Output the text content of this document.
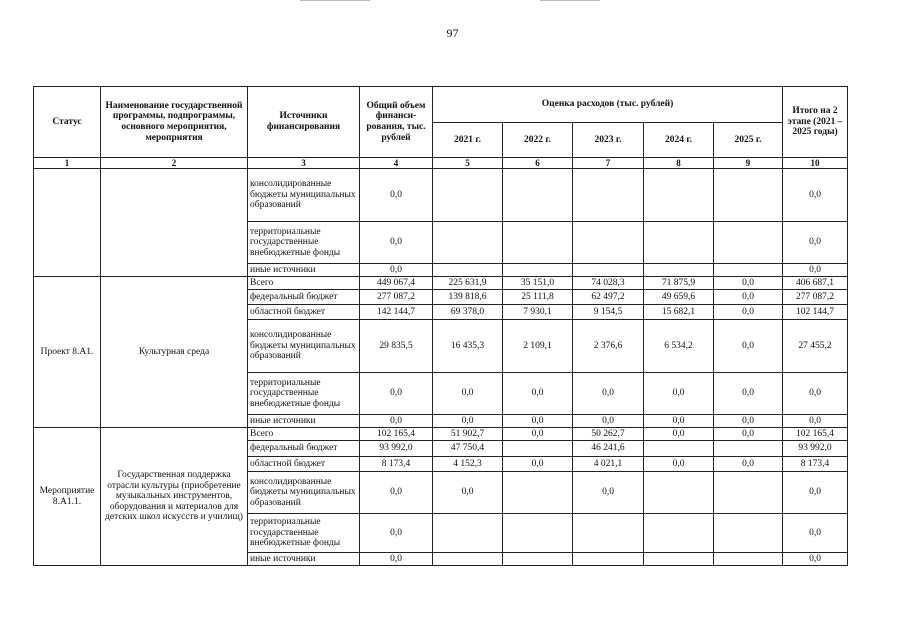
97
Статус	Наименование государственной программы, подпрограммы, основного мероприятия, мероприятия	Источники финансирования	Общий объем финанси-рования, тыс. рублей	Оценка расходов (тыс. рублей)					Итого на 2 этапе (2021 – 2025 годы)
				2021 г.	2022 г.	2023 г.	2024 г.	2025 г.	
1	2	3	4	5	6	7	8	9	10
		консолидированные бюджеты муниципальных образований	0,0						0,0
		территориальные государственные внебюджетные фонды	0,0						0,0
		иные источники	0,0						0,0
Проект 8.А1.	Культурная среда	Всего	449 067,4	225 631,9	35 151,0	74 028,3	71 875,9	0,0	406 687,1
		федеральный бюджет	277 087,2	139 818,6	25 111,8	62 497,2	49 659,6	0,0	277 087,2
		областной бюджет	142 144,7	69 378,0	7 930,1	9 154,5	15 682,1	0,0	102 144,7
		консолидированные бюджеты муниципальных образований	29 835,5	16 435,3	2 109,1	2 376,6	6 534,2	0,0	27 455,2
		территориальные государственные внебюджетные фонды	0,0	0,0	0,0	0,0	0,0	0,0	0,0
		иные источники	0,0	0,0	0,0	0,0	0,0	0,0	0,0
Мероприятие 8.А1.1.	Государственная поддержка отрасли культуры (приобретение музыкальных инструментов, оборудования и материалов для детских школ искусств и училищ)	Всего	102 165,4	51 902,7	0,0	50 262,7	0,0	0,0	102 165,4
		федеральный бюджет	93 992,0	47 750,4		46 241,6			93 992,0
		областной бюджет	8 173,4	4 152,3	0,0	4 021,1	0,0	0,0	8 173,4
		консолидированные бюджеты муниципальных образований	0,0	0,0		0,0			0,0
		территориальные государственные внебюджетные фонды	0,0						0,0
		иные источники	0,0						0,0
